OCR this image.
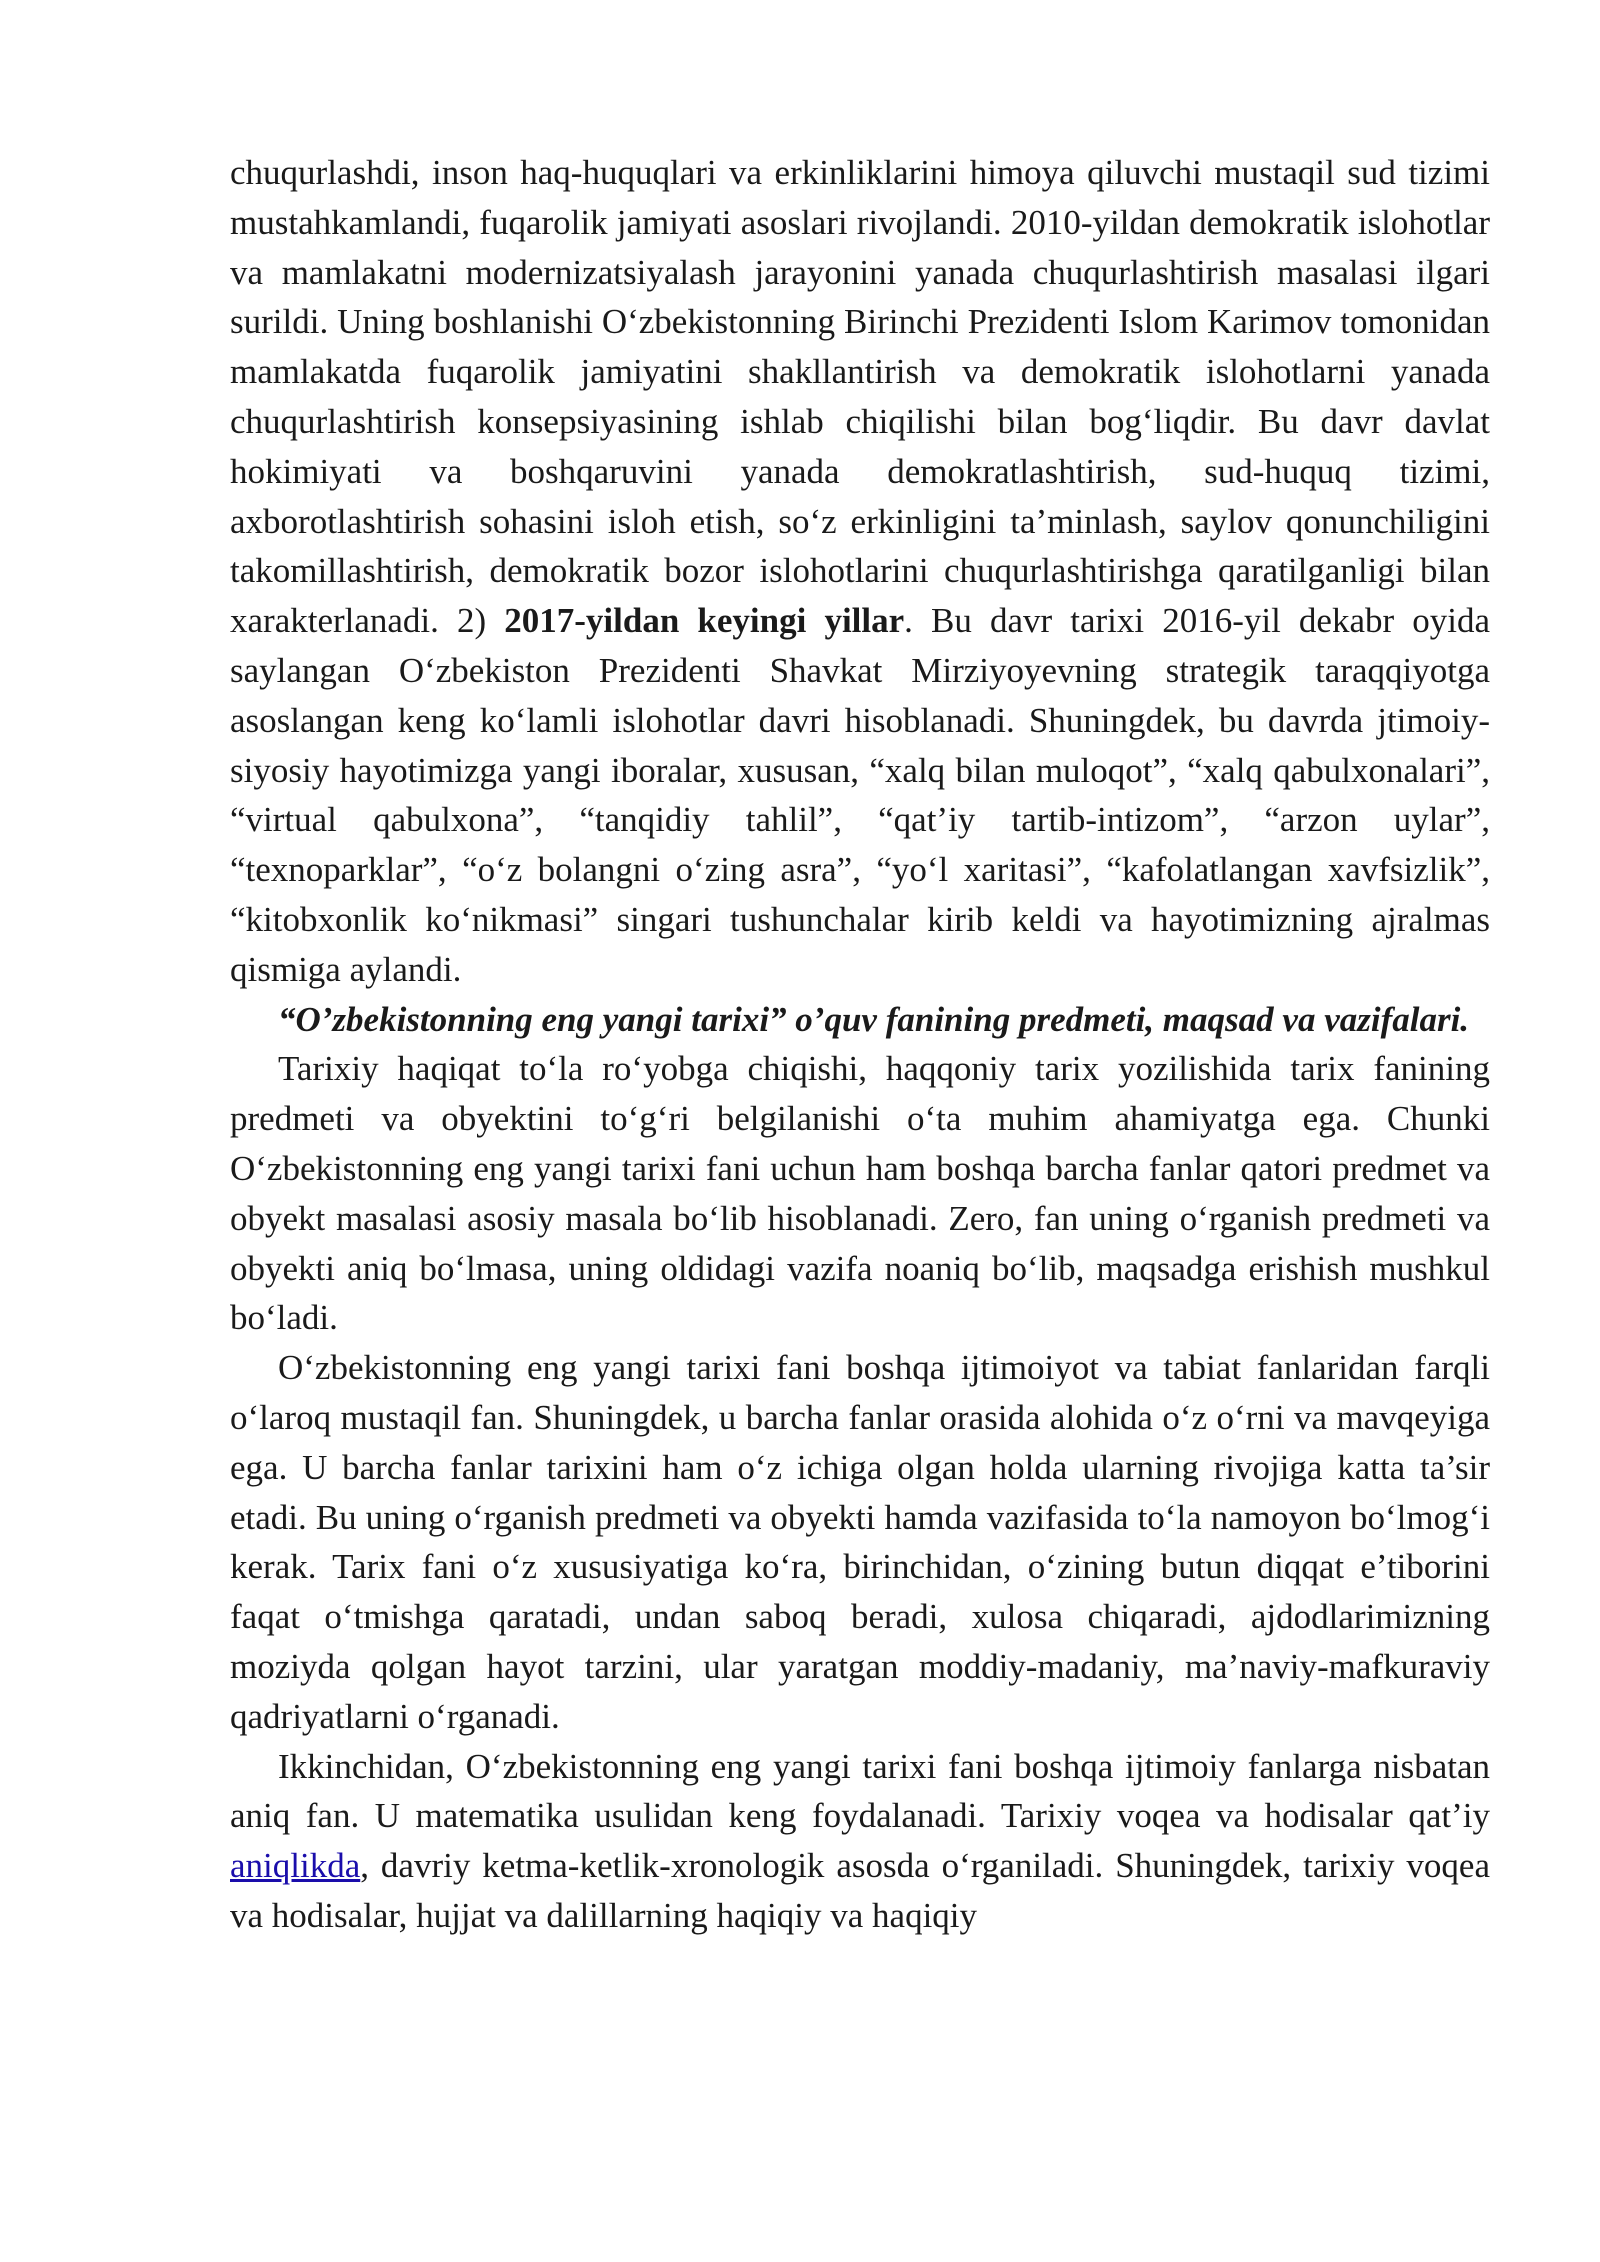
chuqurlashdi, inson haq-huquqlari va erkinliklarini himoya qiluvchi mustaqil sud tizimi mustahkamlandi, fuqarolik jamiyati asoslari rivojlandi. 2010-yildan demokratik islohotlar va mamlakatni modernizatsiyalash jarayonini yanada chuqurlashtirish masalasi ilgari surildi. Uning boshlanishi O‘zbekistonning Birinchi Prezidenti Islom Karimov tomonidan mamlakatda fuqarolik jamiyatini shakllantirish va demokratik islohotlarni yanada chuqurlashtirish konsepsiyasining ishlab chiqilishi bilan bog‘liqdir. Bu davr davlat hokimiyati va boshqaruvini yanada demokratlashtirish, sud-huquq tizimi, axborotlashtirish sohasini isloh etish, so‘z erkinligini ta’minlash, saylov qonunchiligini takomillashtirish, demokratik bozor islohotlarini chuqurlashtirishga qaratilganligi bilan xarakterlanadi. 2) 2017-yildan keyingi yillar. Bu davr tarixi 2016-yil dekabr oyida saylangan O‘zbekiston Prezidenti Shavkat Mirziyoyevning strategik taraqqiyotga asoslangan keng ko‘lamli islohotlar davri hisoblanadi. Shuningdek, bu davrda jtimoiy-siyosiy hayotimizga yangi iboralar, xususan, “xalq bilan muloqot”, “xalq qabulxonalari”, “virtual qabulxona”, “tanqidiy tahlil”, “qat’iy tartib-intizom”, “arzon uylar”, “texnoparklar”, “o‘z bolangni o‘zing asra”, “yo‘l xaritasi”, “kafolatlangan xavfsizlik”, “kitobxonlik ko‘nikmasi” singari tushunchalar kirib keldi va hayotimizning ajralmas qismiga aylandi.

“O’zbekistonning eng yangi tarixi” o’quv fanining predmeti, maqsad va vazifalari.

Tarixiy haqiqat to‘la ro‘yobga chiqishi, haqqoniy tarix yozilishida tarix fanining predmeti va obyektini to‘g‘ri belgilanishi o‘ta muhim ahamiyatga ega. Chunki O‘zbekistonning eng yangi tarixi fani uchun ham boshqa barcha fanlar qatori predmet va obyekt masalasi asosiy masala bo‘lib hisoblanadi. Zero, fan uning o‘rganish predmeti va obyekti aniq bo‘lmasa, uning oldidagi vazifa noaniq bo‘lib, maqsadga erishish mushkul bo‘ladi.

O‘zbekistonning eng yangi tarixi fani boshqa ijtimoiyot va tabiat fanlaridan farqli o‘laroq mustaqil fan. Shuningdek, u barcha fanlar orasida alohida o‘z o‘rni va mavqeyiga ega. U barcha fanlar tarixini ham o‘z ichiga olgan holda ularning rivojiga katta ta’sir etadi. Bu uning o‘rganish predmeti va obyekti hamda vazifasida to‘la namoyon bo‘lmog‘i kerak. Tarix fani o‘z xususiyatiga ko‘ra, birinchidan, o‘zining butun diqqat e’tiborini faqat o‘tmishga qaratadi, undan saboq beradi, xulosa chiqaradi, ajdodlarimizning moziyda qolgan hayot tarzini, ular yaratgan moddiy-madaniy, ma’naviy-mafkuraviy qadriyatlarni o‘rganadi.

Ikkinchidan, O‘zbekistonning eng yangi tarixi fani boshqa ijtimoiy fanlarga nisbatan aniq fan. U matematika usulidan keng foydalanadi. Tarixiy voqea va hodisalar qat’iy aniqlikda, davriy ketma-ketlik-xronologik asosda o‘rganiladi. Shuningdek, tarixiy voqea va hodisalar, hujjat va dalillarning haqiqiy va haqiqiy
